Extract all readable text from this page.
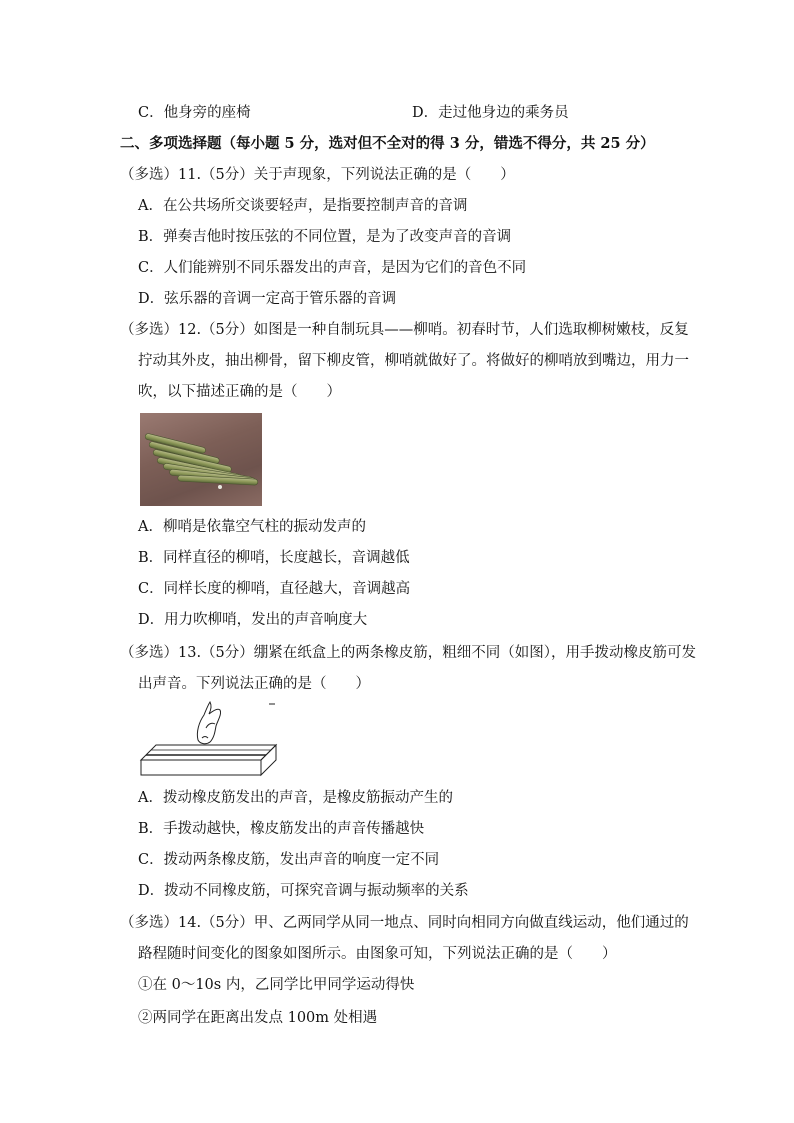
C．他身旁的座椅	D．走过他身边的乘务员
二、多项选择题（每小题 5 分，选对但不全对的得 3 分，错选不得分，共 25 分）
（多选）11.（5分）关于声现象，下列说法正确的是（　　）
A．在公共场所交谈要轻声，是指要控制声音的音调
B．弹奏吉他时按压弦的不同位置，是为了改变声音的音调
C．人们能辨别不同乐器发出的声音，是因为它们的音色不同
D．弦乐器的音调一定高于管乐器的音调
（多选）12.（5分）如图是一种自制玩具——柳哨。初春时节，人们选取柳树嫩枝，反复
拧动其外皮，抽出柳骨，留下柳皮管，柳哨就做好了。将做好的柳哨放到嘴边，用力一
吹，以下描述正确的是（　　）
A．柳哨是依靠空气柱的振动发声的
B．同样直径的柳哨，长度越长，音调越低
C．同样长度的柳哨，直径越大，音调越高
D．用力吹柳哨，发出的声音响度大
（多选）13.（5分）绷紧在纸盒上的两条橡皮筋，粗细不同（如图），用手拨动橡皮筋可发
出声音。下列说法正确的是（　　）
A．拨动橡皮筋发出的声音，是橡皮筋振动产生的
B．手拨动越快，橡皮筋发出的声音传播越快
C．拨动两条橡皮筋，发出声音的响度一定不同
D．拨动不同橡皮筋，可探究音调与振动频率的关系
（多选）14.（5分）甲、乙两同学从同一地点、同时向相同方向做直线运动，他们通过的
路程随时间变化的图象如图所示。由图象可知，下列说法正确的是（　　）
①在 0～10s 内，乙同学比甲同学运动得快
②两同学在距离出发点 100m 处相遇
